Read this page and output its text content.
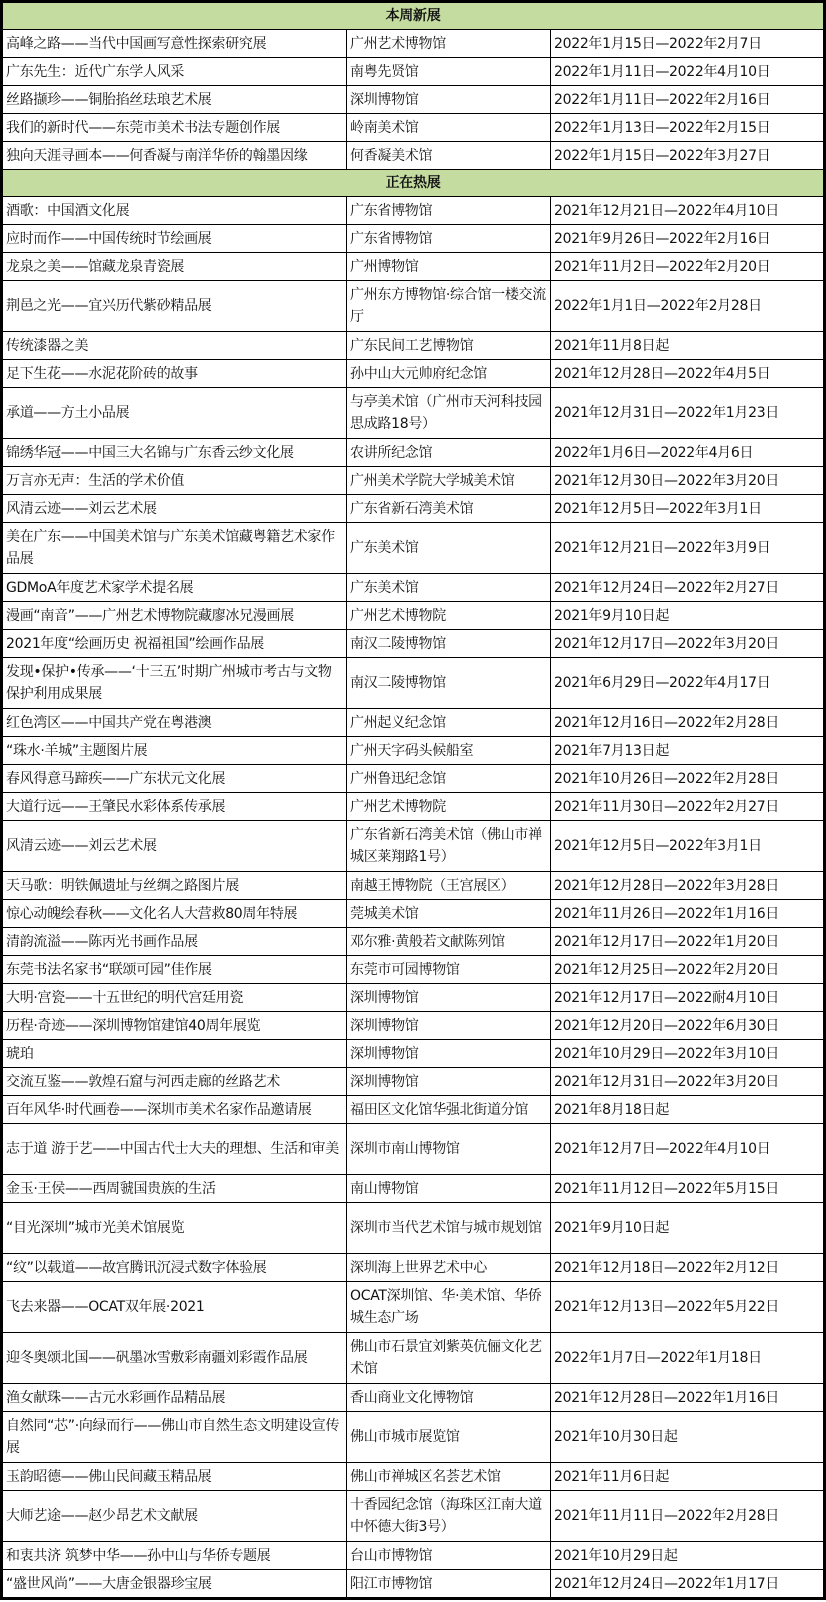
本周新展		
高峰之路——当代中国画写意性探索研究展	广州艺术博物馆	2022年1月15日—2022年2月7日
广东先生：近代广东学人风采	南粤先贤馆	2022年1月11日—2022年4月10日
丝路撷珍——铜胎掐丝珐琅艺术展	深圳博物馆	2022年1月11日—2022年2月16日
我们的新时代——东莞市美术书法专题创作展	岭南美术馆	2022年1月13日—2022年2月15日
独向天涯寻画本——何香凝与南洋华侨的翰墨因缘	何香凝美术馆	2022年1月15日—2022年3月27日
正在热展		
酒歌：中国酒文化展	广东省博物馆	2021年12月21日—2022年4月10日
应时而作——中国传统时节绘画展	广东省博物馆	2021年9月26日—2022年2月16日
龙泉之美——馆藏龙泉青瓷展	广州博物馆	2021年11月2日—2022年2月20日
荆邑之光——宜兴历代紫砂精品展	广州东方博物馆·综合馆一楼交流厅	2022年1月1日—2022年2月28日
传统漆器之美	广东民间工艺博物馆	2021年11月8日起
足下生花——水泥花阶砖的故事	孙中山大元帅府纪念馆	2021年12月28日—2022年4月5日
承道——方土小品展	与亭美术馆（广州市天河科技园思成路18号）	2021年12月31日—2022年1月23日
锦绣华冠——中国三大名锦与广东香云纱文化展	农讲所纪念馆	2022年1月6日—2022年4月6日
万言亦无声：生活的学术价值	广州美术学院大学城美术馆	2021年12月30日—2022年3月20日
风清云迹——刘云艺术展	广东省新石湾美术馆	2021年12月5日—2022年3月1日
美在广东——中国美术馆与广东美术馆藏粤籍艺术家作品展	广东美术馆	2021年12月21日—2022年3月9日
GDMoA年度艺术家学术提名展	广东美术馆	2021年12月24日—2022年2月27日
漫画“南音”——广州艺术博物院藏廖冰兄漫画展	广州艺术博物院	2021年9月10日起
2021年度“绘画历史 祝福祖国”绘画作品展	南汉二陵博物馆	2021年12月17日—2022年3月20日
发现•保护•传承——‘十三五’时期广州城市考古与文物保护利用成果展	南汉二陵博物馆	2021年6月29日—2022年4月17日
红色湾区——中国共产党在粤港澳	广州起义纪念馆	2021年12月16日—2022年2月28日
“珠水·羊城”主题图片展	广州天字码头候船室	2021年7月13日起
春风得意马蹄疾——广东状元文化展	广州鲁迅纪念馆	2021年10月26日—2022年2月28日
大道行远——王肇民水彩体系传承展	广州艺术博物院	2021年11月30日—2022年2月27日
风清云迹——刘云艺术展	广东省新石湾美术馆（佛山市禅城区莱翔路1号）	2021年12月5日—2022年3月1日
天马歌：明铁佩遗址与丝绸之路图片展	南越王博物院（王宫展区）	2021年12月28日—2022年3月28日
惊心动魄绘春秋——文化名人大营救80周年特展	莞城美术馆	2021年11月26日—2022年1月16日
清韵流溢——陈丙光书画作品展	邓尔雅·黄般若文献陈列馆	2021年12月17日—2022年1月20日
东莞书法名家书“联颂可园”佳作展	东莞市可园博物馆	2021年12月25日—2022年2月20日
大明·宫瓷——十五世纪的明代宫廷用瓷	深圳博物馆	2021年12月17日—2022耐4月10日
历程·奇迹——深圳博物馆建馆40周年展览	深圳博物馆	2021年12月20日—2022年6月30日
琥珀	深圳博物馆	2021年10月29日—2022年3月10日
交流互鉴——敦煌石窟与河西走廊的丝路艺术	深圳博物馆	2021年12月31日—2022年3月20日
百年风华·时代画卷——深圳市美术名家作品邀请展	福田区文化馆华强北街道分馆	2021年8月18日起
志于道 游于艺——中国古代士大夫的理想、生活和审美	深圳市南山博物馆	2021年12月7日—2022年4月10日
金玉·王侯——西周虢国贵族的生活	南山博物馆	2021年11月12日—2022年5月15日
“目光深圳”城市光美术馆展览	深圳市当代艺术馆与城市规划馆	2021年9月10日起
“纹”以载道——故宫腾讯沉浸式数字体验展	深圳海上世界艺术中心	2021年12月18日—2022年2月12日
飞去来器——OCAT双年展·2021	OCAT深圳馆、华·美术馆、华侨城生态广场	2021年12月13日—2022年5月22日
迎冬奥颂北国——矾墨冰雪敷彩南疆刘彩霞作品展	佛山市石景宜刘紫英伉俪文化艺术馆	2022年1月7日—2022年1月18日
渔女献珠——古元水彩画作品精品展	香山商业文化博物馆	2021年12月28日—2022年1月16日
自然同“芯”·向绿而行——佛山市自然生态文明建设宣传展	佛山市城市展览馆	2021年10月30日起
玉韵昭德——佛山民间藏玉精品展	佛山市禅城区名荟艺术馆	2021年11月6日起
大师艺途——赵少昂艺术文献展	十香园纪念馆（海珠区江南大道中怀德大街3号）	2021年11月11日—2022年2月28日
和衷共济 筑梦中华——孙中山与华侨专题展	台山市博物馆	2021年10月29日起
“盛世风尚”——大唐金银器珍宝展	阳江市博物馆	2021年12月24日—2022年1月17日
